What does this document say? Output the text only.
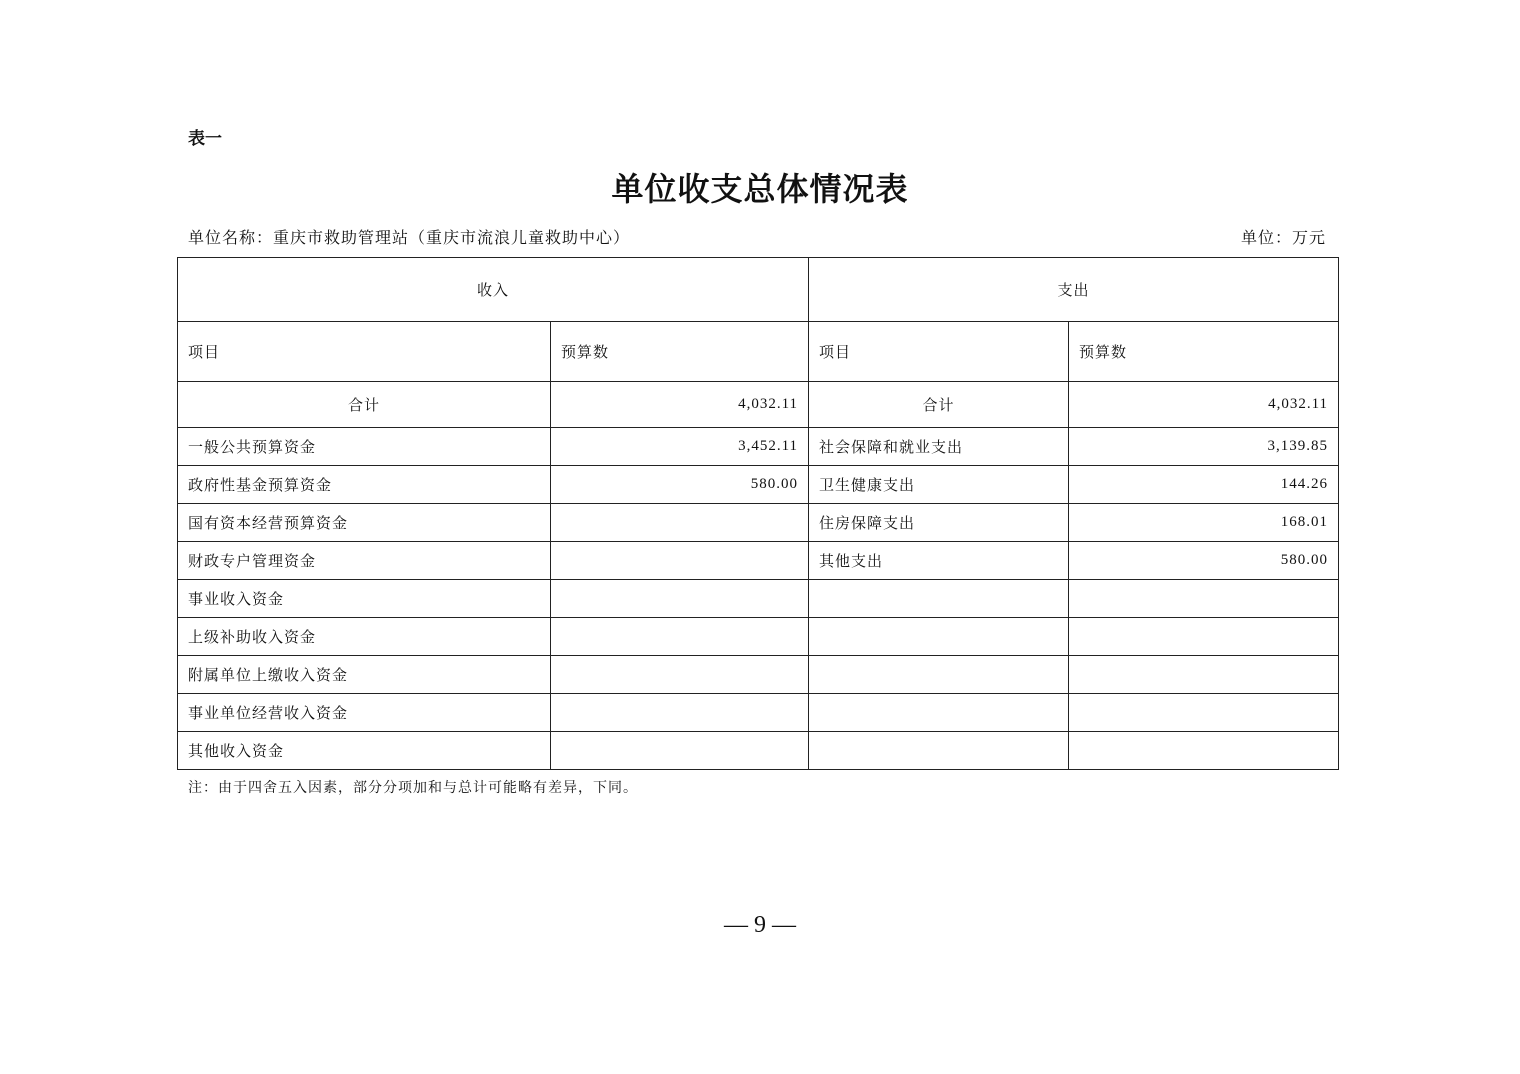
表一
单位收支总体情况表
单位名称：重庆市救助管理站（重庆市流浪儿童救助中心）	单位：万元
收入		支出	
项目	预算数	项目	预算数
合计	4,032.11	合计	4,032.11
一般公共预算资金	3,452.11	社会保障和就业支出	3,139.85
政府性基金预算资金	580.00	卫生健康支出	144.26
国有资本经营预算资金		住房保障支出	168.01
财政专户管理资金		其他支出	580.00
事业收入资金			
上级补助收入资金			
附属单位上缴收入资金			
事业单位经营收入资金			
其他收入资金			
注：由于四舍五入因素，部分分项加和与总计可能略有差异，下同。
— 9 —
